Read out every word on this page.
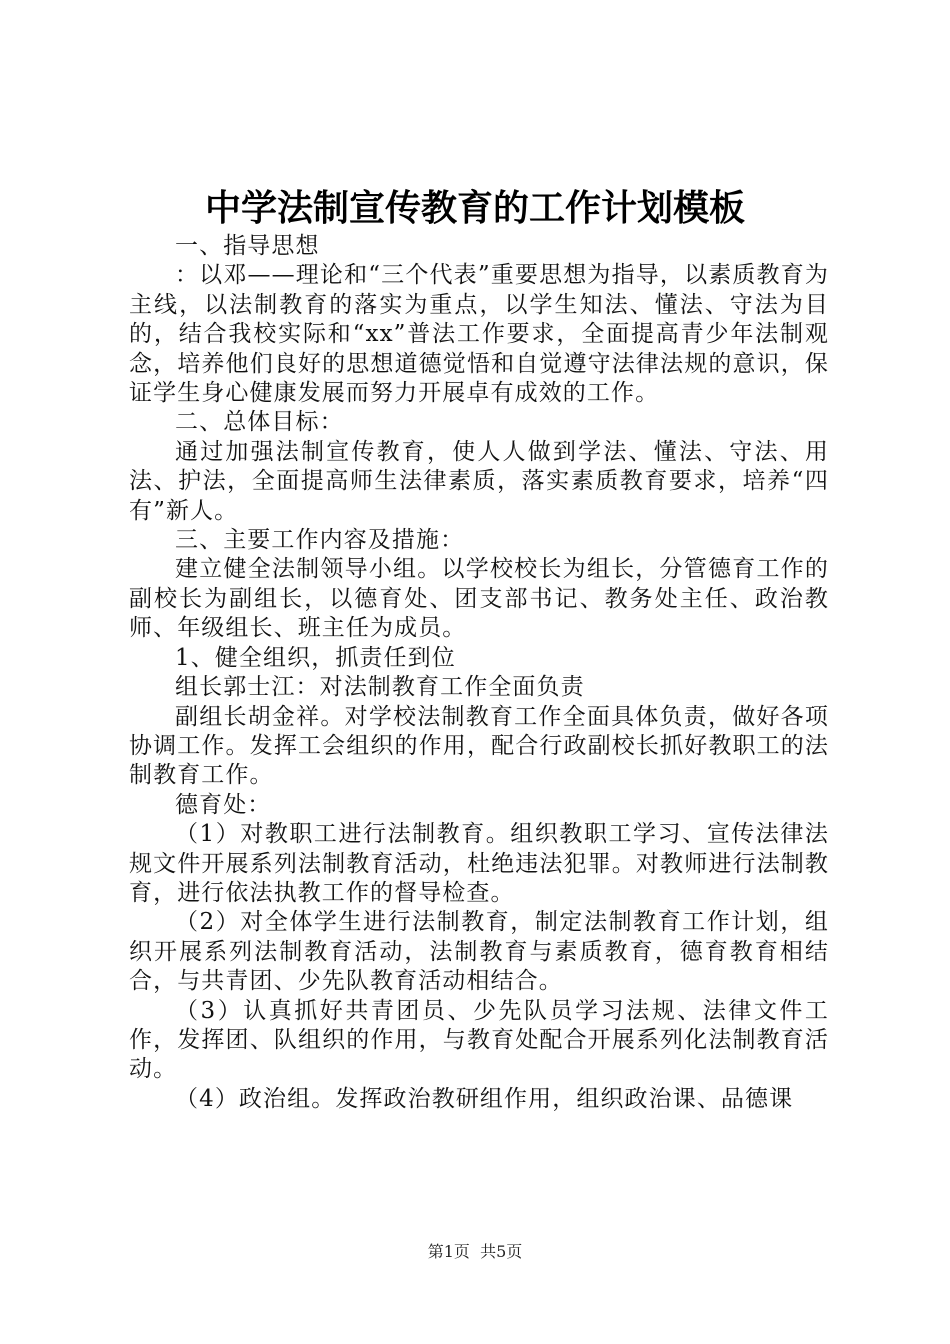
中学法制宣传教育的工作计划模板

一、指导思想

：以邓——理论和“三个代表”重要思想为指导，以素质教育为主线，以法制教育的落实为重点，以学生知法、懂法、守法为目的，结合我校实际和“xx”普法工作要求，全面提高青少年法制观念，培养他们良好的思想道德觉悟和自觉遵守法律法规的意识，保证学生身心健康发展而努力开展卓有成效的工作。

二、总体目标：

通过加强法制宣传教育，使人人做到学法、懂法、守法、用法、护法，全面提高师生法律素质，落实素质教育要求，培养“四有”新人。

三、主要工作内容及措施：

建立健全法制领导小组。以学校校长为组长，分管德育工作的副校长为副组长，以德育处、团支部书记、教务处主任、政治教师、年级组长、班主任为成员。

1、健全组织，抓责任到位

组长郭士江：对法制教育工作全面负责

副组长胡金祥。对学校法制教育工作全面具体负责，做好各项协调工作。发挥工会组织的作用，配合行政副校长抓好教职工的法制教育工作。

德育处：

（1）对教职工进行法制教育。组织教职工学习、宣传法律法规文件开展系列法制教育活动，杜绝违法犯罪。对教师进行法制教育，进行依法执教工作的督导检查。

（2）对全体学生进行法制教育，制定法制教育工作计划，组织开展系列法制教育活动，法制教育与素质教育，德育教育相结合，与共青团、少先队教育活动相结合。

（3）认真抓好共青团员、少先队员学习法规、法律文件工作，发挥团、队组织的作用，与教育处配合开展系列化法制教育活动。

（4）政治组。发挥政治教研组作用，组织政治课、品德课

第1页 共5页
